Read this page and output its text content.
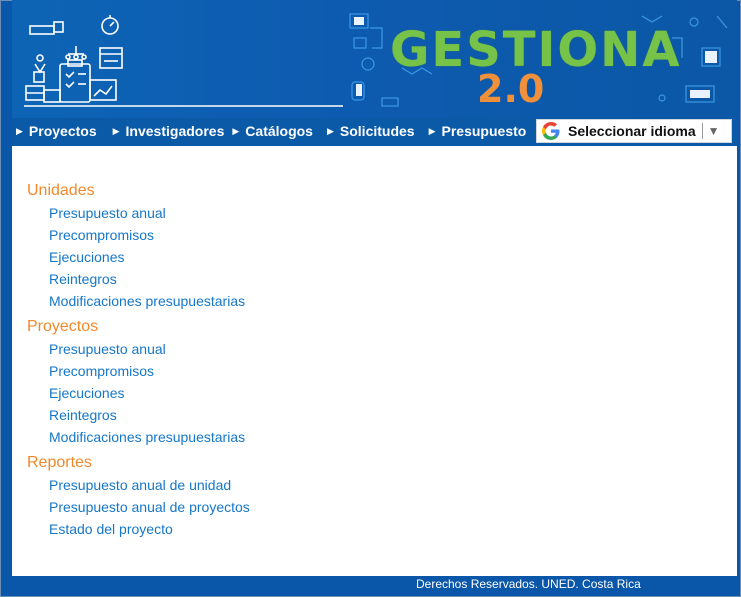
GESTIONA
2.0
▶ Proyectos ▶ Investigadores ▶ Catálogos ▶ Solicitudes ▶ Presupuesto	Seleccionar idioma ▼
Unidades
Presupuesto anual
Precompromisos
Ejecuciones
Reintegros
Modificaciones presupuestarias
Proyectos
Presupuesto anual
Precompromisos
Ejecuciones
Reintegros
Modificaciones presupuestarias
Reportes
Presupuesto anual de unidad
Presupuesto anual de proyectos
Estado del proyecto
Derechos Reservados. UNED. Costa Rica
